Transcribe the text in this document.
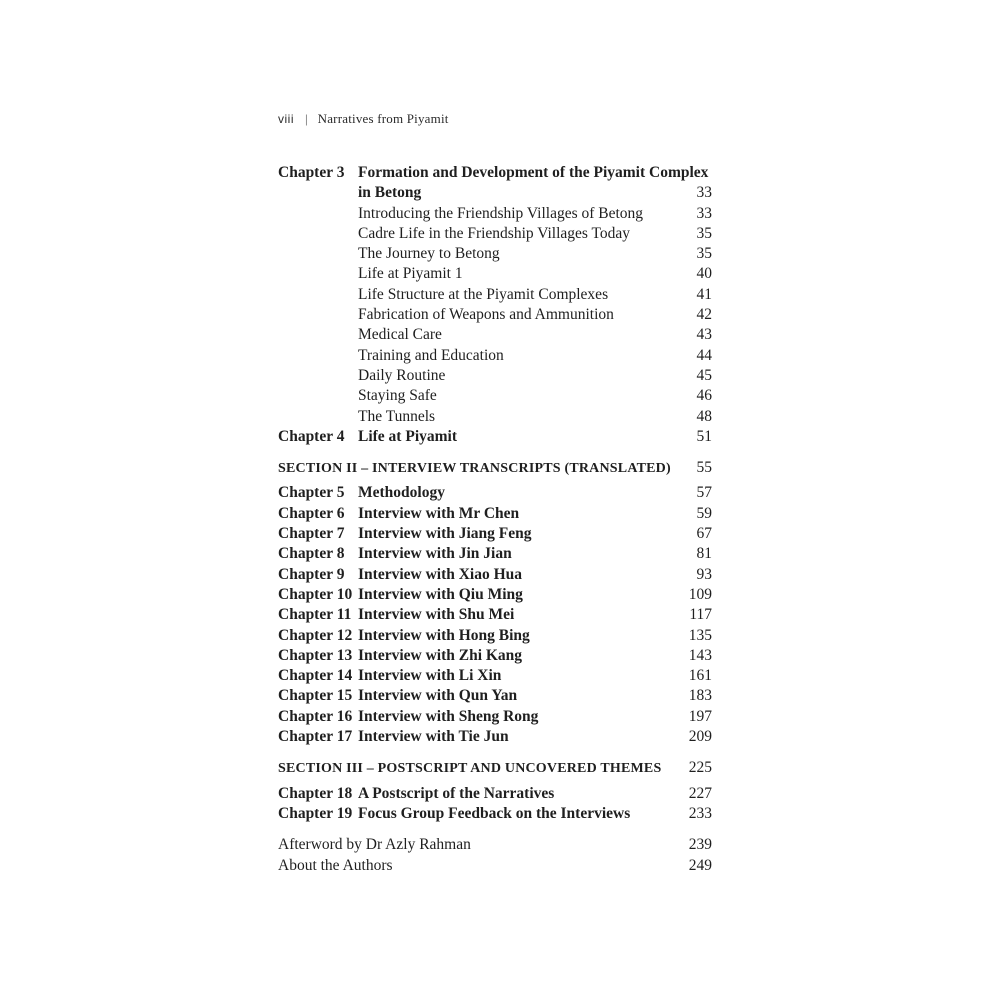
viii | Narratives from Piyamit
Chapter 3 Formation and Development of the Piyamit Complex
in Betong	33
Introducing the Friendship Villages of Betong	33
Cadre Life in the Friendship Villages Today	35
The Journey to Betong	35
Life at Piyamit 1	40
Life Structure at the Piyamit Complexes	41
Fabrication of Weapons and Ammunition	42
Medical Care	43
Training and Education	44
Daily Routine	45
Staying Safe	46
The Tunnels	48
Chapter 4 Life at Piyamit	51
SECTION II – INTERVIEW TRANSCRIPTS (TRANSLATED)	55
Chapter 5 Methodology	57
Chapter 6 Interview with Mr Chen	59
Chapter 7 Interview with Jiang Feng	67
Chapter 8 Interview with Jin Jian	81
Chapter 9 Interview with Xiao Hua	93
Chapter 10 Interview with Qiu Ming	109
Chapter 11 Interview with Shu Mei	117
Chapter 12 Interview with Hong Bing	135
Chapter 13 Interview with Zhi Kang	143
Chapter 14 Interview with Li Xin	161
Chapter 15 Interview with Qun Yan	183
Chapter 16 Interview with Sheng Rong	197
Chapter 17 Interview with Tie Jun	209
SECTION III – POSTSCRIPT AND UNCOVERED THEMES	225
Chapter 18 A Postscript of the Narratives	227
Chapter 19 Focus Group Feedback on the Interviews	233
Afterword by Dr Azly Rahman	239
About the Authors	249
